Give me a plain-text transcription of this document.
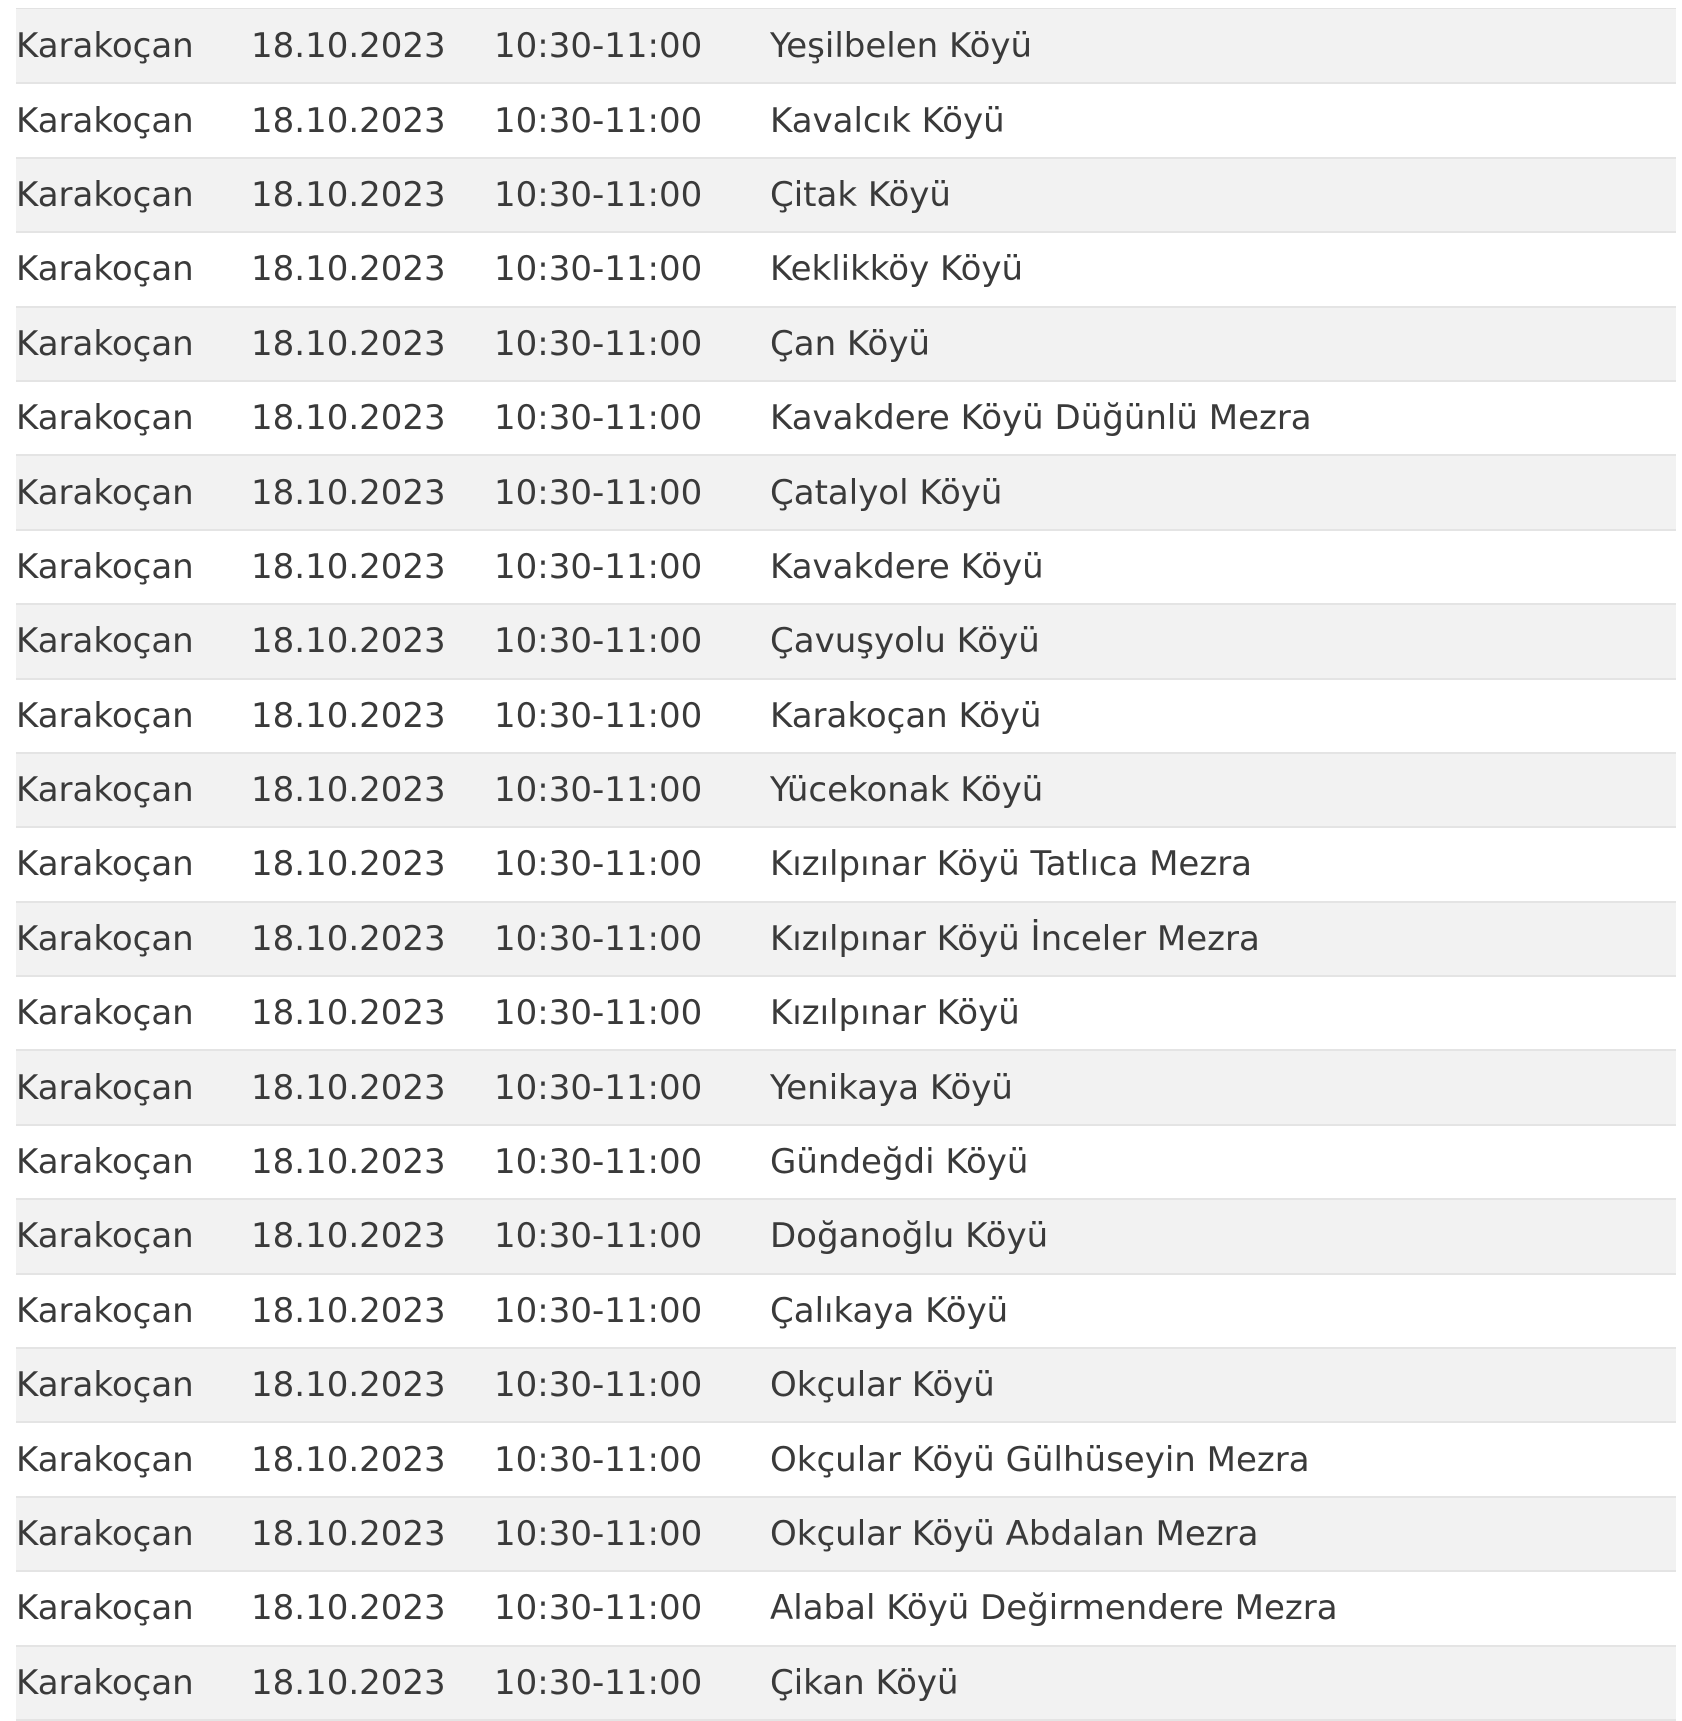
Karakoçan	18.10.2023	10:30-11:00	Yeşilbelen Köyü
Karakoçan	18.10.2023	10:30-11:00	Kavalcık Köyü
Karakoçan	18.10.2023	10:30-11:00	Çitak Köyü
Karakoçan	18.10.2023	10:30-11:00	Keklikköy Köyü
Karakoçan	18.10.2023	10:30-11:00	Çan Köyü
Karakoçan	18.10.2023	10:30-11:00	Kavakdere Köyü Düğünlü Mezra
Karakoçan	18.10.2023	10:30-11:00	Çatalyol Köyü
Karakoçan	18.10.2023	10:30-11:00	Kavakdere Köyü
Karakoçan	18.10.2023	10:30-11:00	Çavuşyolu Köyü
Karakoçan	18.10.2023	10:30-11:00	Karakoçan Köyü
Karakoçan	18.10.2023	10:30-11:00	Yücekonak Köyü
Karakoçan	18.10.2023	10:30-11:00	Kızılpınar Köyü Tatlıca Mezra
Karakoçan	18.10.2023	10:30-11:00	Kızılpınar Köyü İnceler Mezra
Karakoçan	18.10.2023	10:30-11:00	Kızılpınar Köyü
Karakoçan	18.10.2023	10:30-11:00	Yenikaya Köyü
Karakoçan	18.10.2023	10:30-11:00	Gündeğdi Köyü
Karakoçan	18.10.2023	10:30-11:00	Doğanoğlu Köyü
Karakoçan	18.10.2023	10:30-11:00	Çalıkaya Köyü
Karakoçan	18.10.2023	10:30-11:00	Okçular Köyü
Karakoçan	18.10.2023	10:30-11:00	Okçular Köyü Gülhüseyin Mezra
Karakoçan	18.10.2023	10:30-11:00	Okçular Köyü Abdalan Mezra
Karakoçan	18.10.2023	10:30-11:00	Alabal Köyü Değirmendere Mezra
Karakoçan	18.10.2023	10:30-11:00	Çikan Köyü
